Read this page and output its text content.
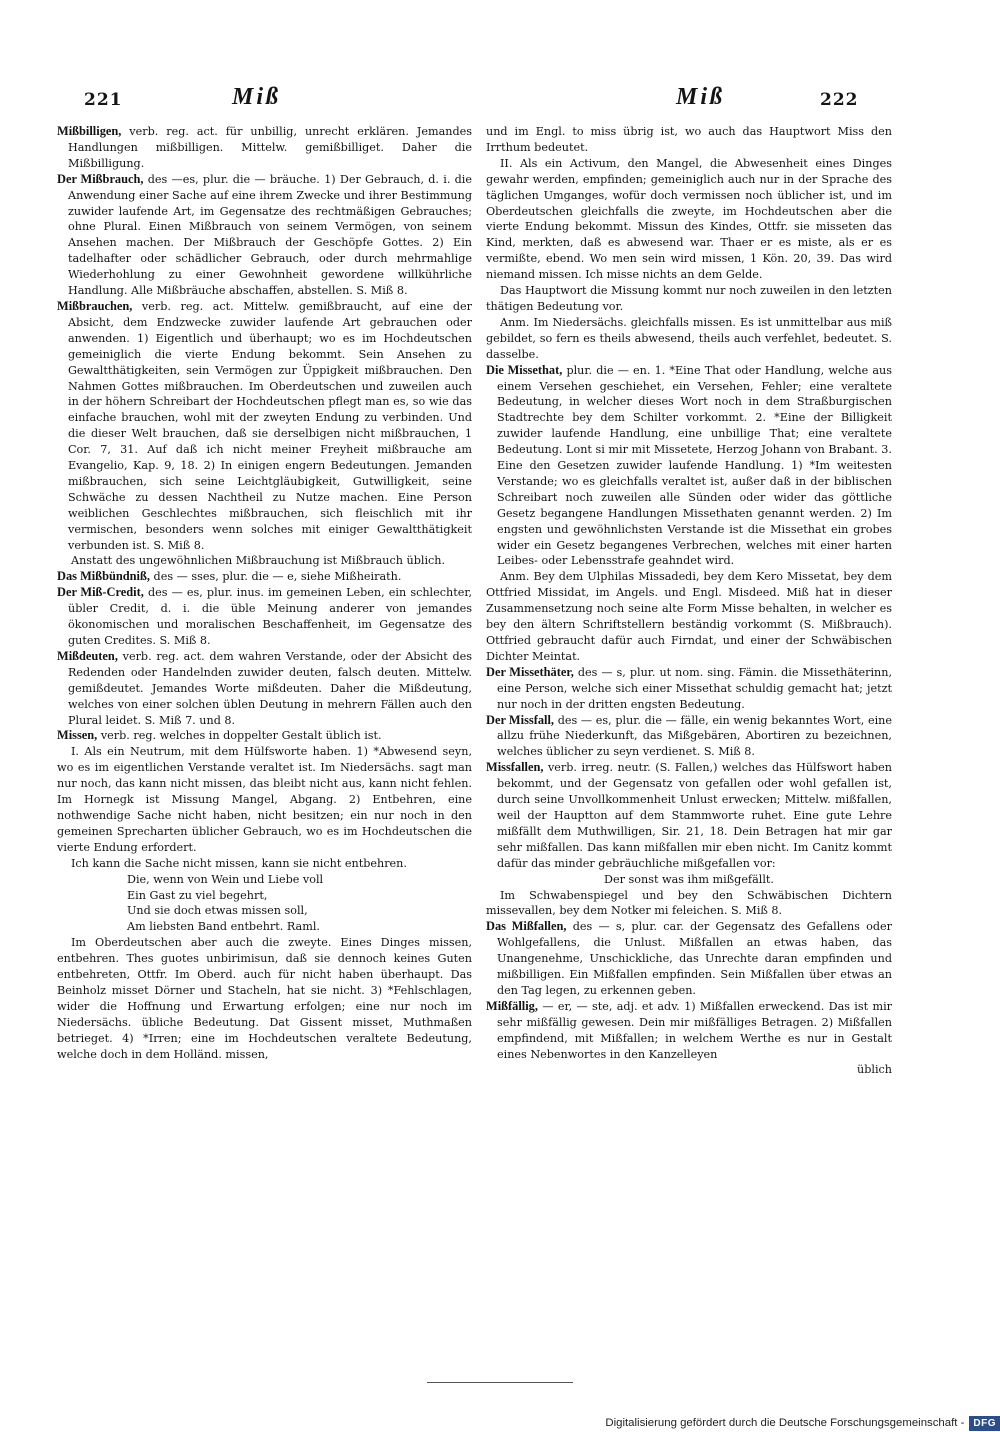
221	Miß	Miß	222

Mißbilligen, verb. reg. act. für unbillig, unrecht erklären. Jemandes Handlungen mißbilligen. Mittelw. gemißbilliget. Daher die Mißbilligung.

Der Mißbrauch, des —es, plur. die — bräuche. 1) Der Gebrauch, d. i. die Anwendung einer Sache auf eine ihrem Zwecke und ihrer Bestimmung zuwider laufende Art, im Gegensatze des rechtmäßigen Gebrauches; ohne Plural. Einen Mißbrauch von seinem Vermögen, von seinem Ansehen machen. Der Mißbrauch der Geschöpfe Gottes. 2) Ein tadelhafter oder schädlicher Gebrauch, oder durch mehrmahlige Wiederhohlung zu einer Gewohnheit gewordene willkührliche Handlung. Alle Mißbräuche abschaffen, abstellen. S. Miß 8.

Mißbrauchen, verb. reg. act. Mittelw. gemißbraucht, auf eine der Absicht, dem Endzwecke zuwider laufende Art gebrauchen oder anwenden. 1) Eigentlich und überhaupt; wo es im Hochdeutschen gemeiniglich die vierte Endung bekommt. Sein Ansehen zu Gewaltthätigkeiten, sein Vermögen zur Üppigkeit mißbrauchen. Den Nahmen Gottes mißbrauchen. Im Oberdeutschen und zuweilen auch in der höhern Schreibart der Hochdeutschen pflegt man es, so wie das einfache brauchen, wohl mit der zweyten Endung zu verbinden. Und die dieser Welt brauchen, daß sie derselbigen nicht mißbrauchen, 1 Cor. 7, 31. Auf daß ich nicht meiner Freyheit mißbrauche am Evangelio, Kap. 9, 18. 2) In einigen engern Bedeutungen. Jemanden mißbrauchen, sich seine Leichtgläubigkeit, Gutwilligkeit, seine Schwäche zu dessen Nachtheil zu Nutze machen. Eine Person weiblichen Geschlechtes mißbrauchen, sich fleischlich mit ihr vermischen, besonders wenn solches mit einiger Gewaltthätigkeit verbunden ist. S. Miß 8.

Anstatt des ungewöhnlichen Mißbrauchung ist Mißbrauch üblich.

Das Mißbündniß, des — sses, plur. die — e, siehe Mißheirath.

Der Miß-Credit, des — es, plur. inus. im gemeinen Leben, ein schlechter, übler Credit, d. i. die üble Meinung anderer von jemandes ökonomischen und moralischen Beschaffenheit, im Gegensatze des guten Credites. S. Miß 8.

Mißdeuten, verb. reg. act. dem wahren Verstande, oder der Absicht des Redenden oder Handelnden zuwider deuten, falsch deuten. Mittelw. gemißdeutet. Jemandes Worte mißdeuten. Daher die Mißdeutung, welches von einer solchen üblen Deutung in mehrern Fällen auch den Plural leidet. S. Miß 7. und 8.

Missen, verb. reg. welches in doppelter Gestalt üblich ist.

I. Als ein Neutrum, mit dem Hülfsworte haben. 1) *Abwesend seyn, wo es im eigentlichen Verstande veraltet ist. Im Niedersächs. sagt man nur noch, das kann nicht missen, das bleibt nicht aus, kann nicht fehlen. Im Hornegk ist Missung Mangel, Abgang. 2) Entbehren, eine nothwendige Sache nicht haben, nicht besitzen; ein nur noch in den gemeinen Sprecharten üblicher Gebrauch, wo es im Hochdeutschen die vierte Endung erfordert.

Ich kann die Sache nicht missen, kann sie nicht entbehren.

Die, wenn von Wein und Liebe voll

Ein Gast zu viel begehrt,

Und sie doch etwas missen soll,

Am liebsten Band entbehrt. Raml.

Im Oberdeutschen aber auch die zweyte. Eines Dinges missen, entbehren. Thes guotes unbirimisun, daß sie dennoch keines Guten entbehreten, Ottfr. Im Oberd. auch für nicht haben überhaupt. Das Beinholz misset Dörner und Stacheln, hat sie nicht. 3) *Fehlschlagen, wider die Hoffnung und Erwartung erfolgen; eine nur noch im Niedersächs. übliche Bedeutung. Dat Gissent misset, Muthmaßen betrieget. 4) *Irren; eine im Hochdeutschen veraltete Bedeutung, welche doch in dem Holländ. missen,

und im Engl. to miss übrig ist, wo auch das Hauptwort Miss den Irrthum bedeutet.

II. Als ein Activum, den Mangel, die Abwesenheit eines Dinges gewahr werden, empfinden; gemeiniglich auch nur in der Sprache des täglichen Umganges, wofür doch vermissen noch üblicher ist, und im Oberdeutschen gleichfalls die zweyte, im Hochdeutschen aber die vierte Endung bekommt. Missun des Kindes, Ottfr. sie misseten das Kind, merkten, daß es abwesend war. Thaer er es miste, als er es vermißte, ebend. Wo men sein wird missen, 1 Kön. 20, 39. Das wird niemand missen. Ich misse nichts an dem Gelde.

Das Hauptwort die Missung kommt nur noch zuweilen in den letzten thätigen Bedeutung vor.

Anm. Im Niedersächs. gleichfalls missen. Es ist unmittelbar aus miß gebildet, so fern es theils abwesend, theils auch verfehlet, bedeutet. S. dasselbe.

Die Missethat, plur. die — en. 1. *Eine That oder Handlung, welche aus einem Versehen geschiehet, ein Versehen, Fehler; eine veraltete Bedeutung, in welcher dieses Wort noch in dem Straßburgischen Stadtrechte bey dem Schilter vorkommt. 2. *Eine der Billigkeit zuwider laufende Handlung, eine unbillige That; eine veraltete Bedeutung. Lont si mir mit Missetete, Herzog Johann von Brabant. 3. Eine den Gesetzen zuwider laufende Handlung. 1) *Im weitesten Verstande; wo es gleichfalls veraltet ist, außer daß in der biblischen Schreibart noch zuweilen alle Sünden oder wider das göttliche Gesetz begangene Handlungen Missethaten genannt werden. 2) Im engsten und gewöhnlichsten Verstande ist die Missethat ein grobes wider ein Gesetz begangenes Verbrechen, welches mit einer harten Leibes- oder Lebensstrafe geahndet wird.

Anm. Bey dem Ulphilas Missadedi, bey dem Kero Missetat, bey dem Ottfried Missidat, im Angels. und Engl. Misdeed. Miß hat in dieser Zusammensetzung noch seine alte Form Misse behalten, in welcher es bey den ältern Schriftstellern beständig vorkommt (S. Mißbrauch). Ottfried gebraucht dafür auch Firndat, und einer der Schwäbischen Dichter Meintat.

Der Missethäter, des — s, plur. ut nom. sing. Fämin. die Missethäterinn, eine Person, welche sich einer Missethat schuldig gemacht hat; jetzt nur noch in der dritten engsten Bedeutung.

Der Missfall, des — es, plur. die — fälle, ein wenig bekanntes Wort, eine allzu frühe Niederkunft, das Mißgebären, Abortiren zu bezeichnen, welches üblicher zu seyn verdienet. S. Miß 8.

Missfallen, verb. irreg. neutr. (S. Fallen,) welches das Hülfswort haben bekommt, und der Gegensatz von gefallen oder wohl gefallen ist, durch seine Unvollkommenheit Unlust erwecken; Mittelw. mißfallen, weil der Hauptton auf dem Stammworte ruhet. Eine gute Lehre mißfällt dem Muthwilligen, Sir. 21, 18. Dein Betragen hat mir gar sehr mißfallen. Das kann mißfallen mir eben nicht. Im Canitz kommt dafür das minder gebräuchliche mißgefallen vor:

Der sonst was ihm mißgefällt.

Im Schwabenspiegel und bey den Schwäbischen Dichtern missevallen, bey dem Notker mi feleichen. S. Miß 8.

Das Mißfallen, des — s, plur. car. der Gegensatz des Gefallens oder Wohlgefallens, die Unlust. Mißfallen an etwas haben, das Unangenehme, Unschickliche, das Unrechte daran empfinden und mißbilligen. Ein Mißfallen empfinden. Sein Mißfallen über etwas an den Tag legen, zu erkennen geben.

Mißfällig, — er, — ste, adj. et adv. 1) Mißfallen erweckend. Das ist mir sehr mißfällig gewesen. Dein mir mißfälliges Betragen. 2) Mißfallen empfindend, mit Mißfallen; in welchem Werthe es nur in Gestalt eines Nebenwortes in den Kanzelleyen

üblich

Digitalisierung gefördert durch die Deutsche Forschungsgemeinschaft - DFG
